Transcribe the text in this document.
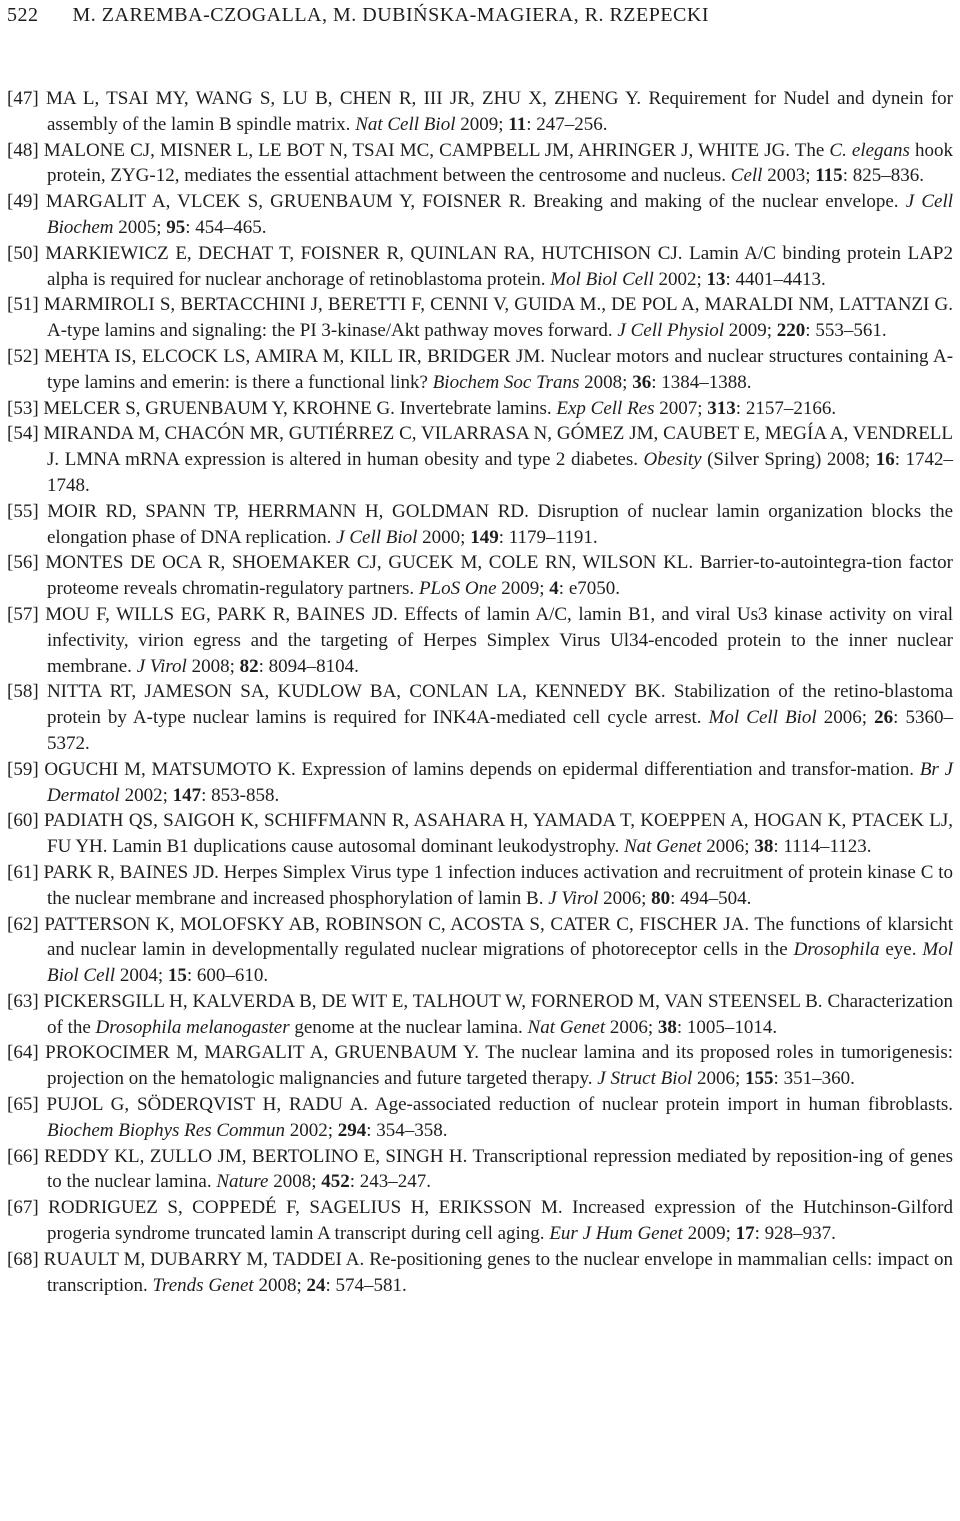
522 M. ZAREMBA-CZOGALLA, M. DUBIŃSKA-MAGIERA, R. RZEPECKI
[47] MA L, TSAI MY, WANG S, LU B, CHEN R, III JR, ZHU X, ZHENG Y. Requirement for Nudel and dynein for assembly of the lamin B spindle matrix. Nat Cell Biol 2009; 11: 247–256.
[48] MALONE CJ, MISNER L, LE BOT N, TSAI MC, CAMPBELL JM, AHRINGER J, WHITE JG. The C. elegans hook protein, ZYG-12, mediates the essential attachment between the centrosome and nucleus. Cell 2003; 115: 825–836.
[49] MARGALIT A, VLCEK S, GRUENBAUM Y, FOISNER R. Breaking and making of the nuclear envelope. J Cell Biochem 2005; 95: 454–465.
[50] MARKIEWICZ E, DECHAT T, FOISNER R, QUINLAN RA, HUTCHISON CJ. Lamin A/C binding protein LAP2 alpha is required for nuclear anchorage of retinoblastoma protein. Mol Biol Cell 2002; 13: 4401–4413.
[51] MARMIROLI S, BERTACCHINI J, BERETTI F, CENNI V, GUIDA M., DE POL A, MARALDI NM, LATTANZI G. A-type lamins and signaling: the PI 3-kinase/Akt pathway moves forward. J Cell Physiol 2009; 220: 553–561.
[52] MEHTA IS, ELCOCK LS, AMIRA M, KILL IR, BRIDGER JM. Nuclear motors and nuclear structures containing A-type lamins and emerin: is there a functional link? Biochem Soc Trans 2008; 36: 1384–1388.
[53] MELCER S, GRUENBAUM Y, KROHNE G. Invertebrate lamins. Exp Cell Res 2007; 313: 2157–2166.
[54] MIRANDA M, CHACÓN MR, GUTIÉRREZ C, VILARRASA N, GÓMEZ JM, CAUBET E, MEGÍA A, VENDRELL J. LMNA mRNA expression is altered in human obesity and type 2 diabetes. Obesity (Silver Spring) 2008; 16: 1742–1748.
[55] MOIR RD, SPANN TP, HERRMANN H, GOLDMAN RD. Disruption of nuclear lamin organization blocks the elongation phase of DNA replication. J Cell Biol 2000; 149: 1179–1191.
[56] MONTES DE OCA R, SHOEMAKER CJ, GUCEK M, COLE RN, WILSON KL. Barrier-to-autointegra-tion factor proteome reveals chromatin-regulatory partners. PLoS One 2009; 4: e7050.
[57] MOU F, WILLS EG, PARK R, BAINES JD. Effects of lamin A/C, lamin B1, and viral Us3 kinase activity on viral infectivity, virion egress and the targeting of Herpes Simplex Virus Ul34-encoded protein to the inner nuclear membrane. J Virol 2008; 82: 8094–8104.
[58] NITTA RT, JAMESON SA, KUDLOW BA, CONLAN LA, KENNEDY BK. Stabilization of the retino-blastoma protein by A-type nuclear lamins is required for INK4A-mediated cell cycle arrest. Mol Cell Biol 2006; 26: 5360–5372.
[59] OGUCHI M, MATSUMOTO K. Expression of lamins depends on epidermal differentiation and transfor-mation. Br J Dermatol 2002; 147: 853-858.
[60] PADIATH QS, SAIGOH K, SCHIFFMANN R, ASAHARA H, YAMADA T, KOEPPEN A, HOGAN K, PTACEK LJ, FU YH. Lamin B1 duplications cause autosomal dominant leukodystrophy. Nat Genet 2006; 38: 1114–1123.
[61] PARK R, BAINES JD. Herpes Simplex Virus type 1 infection induces activation and recruitment of protein kinase C to the nuclear membrane and increased phosphorylation of lamin B. J Virol 2006; 80: 494–504.
[62] PATTERSON K, MOLOFSKY AB, ROBINSON C, ACOSTA S, CATER C, FISCHER JA. The functions of klarsicht and nuclear lamin in developmentally regulated nuclear migrations of photoreceptor cells in the Drosophila eye. Mol Biol Cell 2004; 15: 600–610.
[63] PICKERSGILL H, KALVERDA B, DE WIT E, TALHOUT W, FORNEROD M, VAN STEENSEL B. Characterization of the Drosophila melanogaster genome at the nuclear lamina. Nat Genet 2006; 38: 1005–1014.
[64] PROKOCIMER M, MARGALIT A, GRUENBAUM Y. The nuclear lamina and its proposed roles in tumorigenesis: projection on the hematologic malignancies and future targeted therapy. J Struct Biol 2006; 155: 351–360.
[65] PUJOL G, SÖDERQVIST H, RADU A. Age-associated reduction of nuclear protein import in human fibroblasts. Biochem Biophys Res Commun 2002; 294: 354–358.
[66] REDDY KL, ZULLO JM, BERTOLINO E, SINGH H. Transcriptional repression mediated by reposition-ing of genes to the nuclear lamina. Nature 2008; 452: 243–247.
[67] RODRIGUEZ S, COPPEDÉ F, SAGELIUS H, ERIKSSON M. Increased expression of the Hutchinson-Gilford progeria syndrome truncated lamin A transcript during cell aging. Eur J Hum Genet 2009; 17: 928–937.
[68] RUAULT M, DUBARRY M, TADDEI A. Re-positioning genes to the nuclear envelope in mammalian cells: impact on transcription. Trends Genet 2008; 24: 574–581.
